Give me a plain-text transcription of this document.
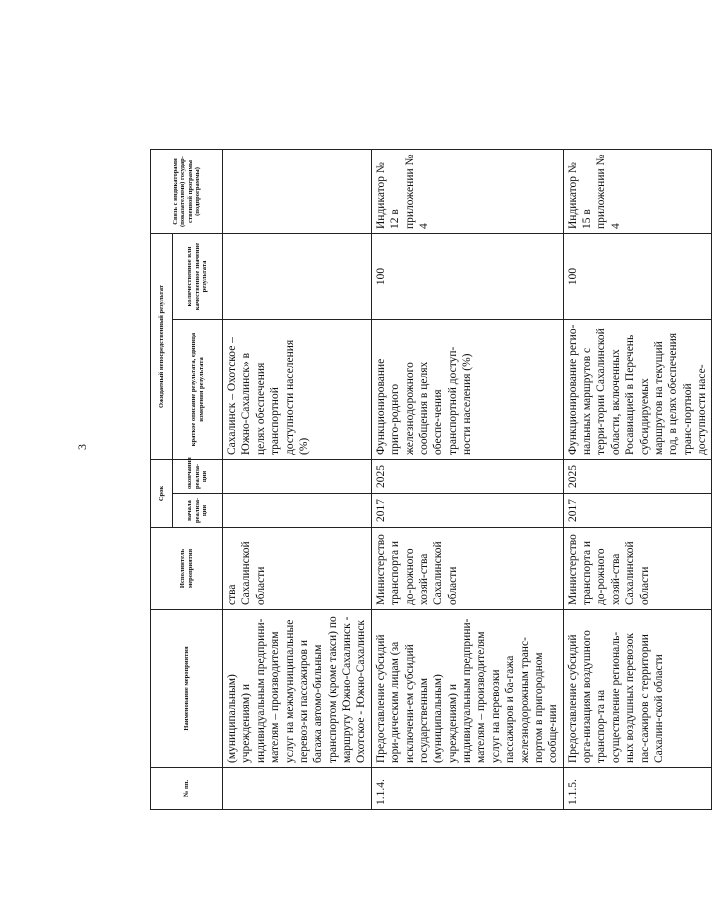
3
№ пп.	Наименование мероприятия	Исполнитель мероприятия	Срок		Ожидаемый непосредственный результат		Связь с индикаторами (показателями) государ-ственной программы (подпрограммы)
			начала реализа-ции	окончания реализа-ции	краткое описание результата, единица измерения результата	количественное или качественное значение результата	
	(муниципальным) учреждениям) и индивидуальным предприни-мателям – производителям услуг на межмуниципальные перевоз-ки пассажиров и багажа автомо-бильным транспортом (кроме такси) по маршруту Южно-Сахалинск - Охотское - Южно-Сахалинск	ства Сахалинской области			Сахалинск – Охотское – Южно-Сахалинск» в целях обеспечения транспортной доступности населения (%)		
1.1.4.	Предоставление субсидий юри-дическим лицам (за исключени-ем субсидий государственным (муниципальным) учреждениям) и индивидуальным предприни-мателям – производителям услуг на перевозки пассажиров и ба-гажа железнодорожным транс-портом в пригородном сообще-нии	Министерство транспорта и до-рожного хозяй-ства Сахалинской области	2017	2025	Функционирование приго-родного железнодорожного сообщения в целях обеспе-чения транспортной доступ-ности населения (%)	100	Индикатор № 12 в приложении № 4
1.1.5.	Предоставление субсидий орга-низациям воздушного транспор-та на осуществление региональ-ных воздушных перевозок пас-сажиров с территории Сахалин-ской области	Министерство транспорта и до-рожного хозяй-ства Сахалинской области	2017	2025	Функционирование регио-нальных маршрутов с терри-тории Сахалинской области, включенных Росавиацией в Перечень субсидируемых маршрутов на текущий год, в целях обеспечения транс-портной доступности насе-	100	Индикатор № 15 в приложении № 4
